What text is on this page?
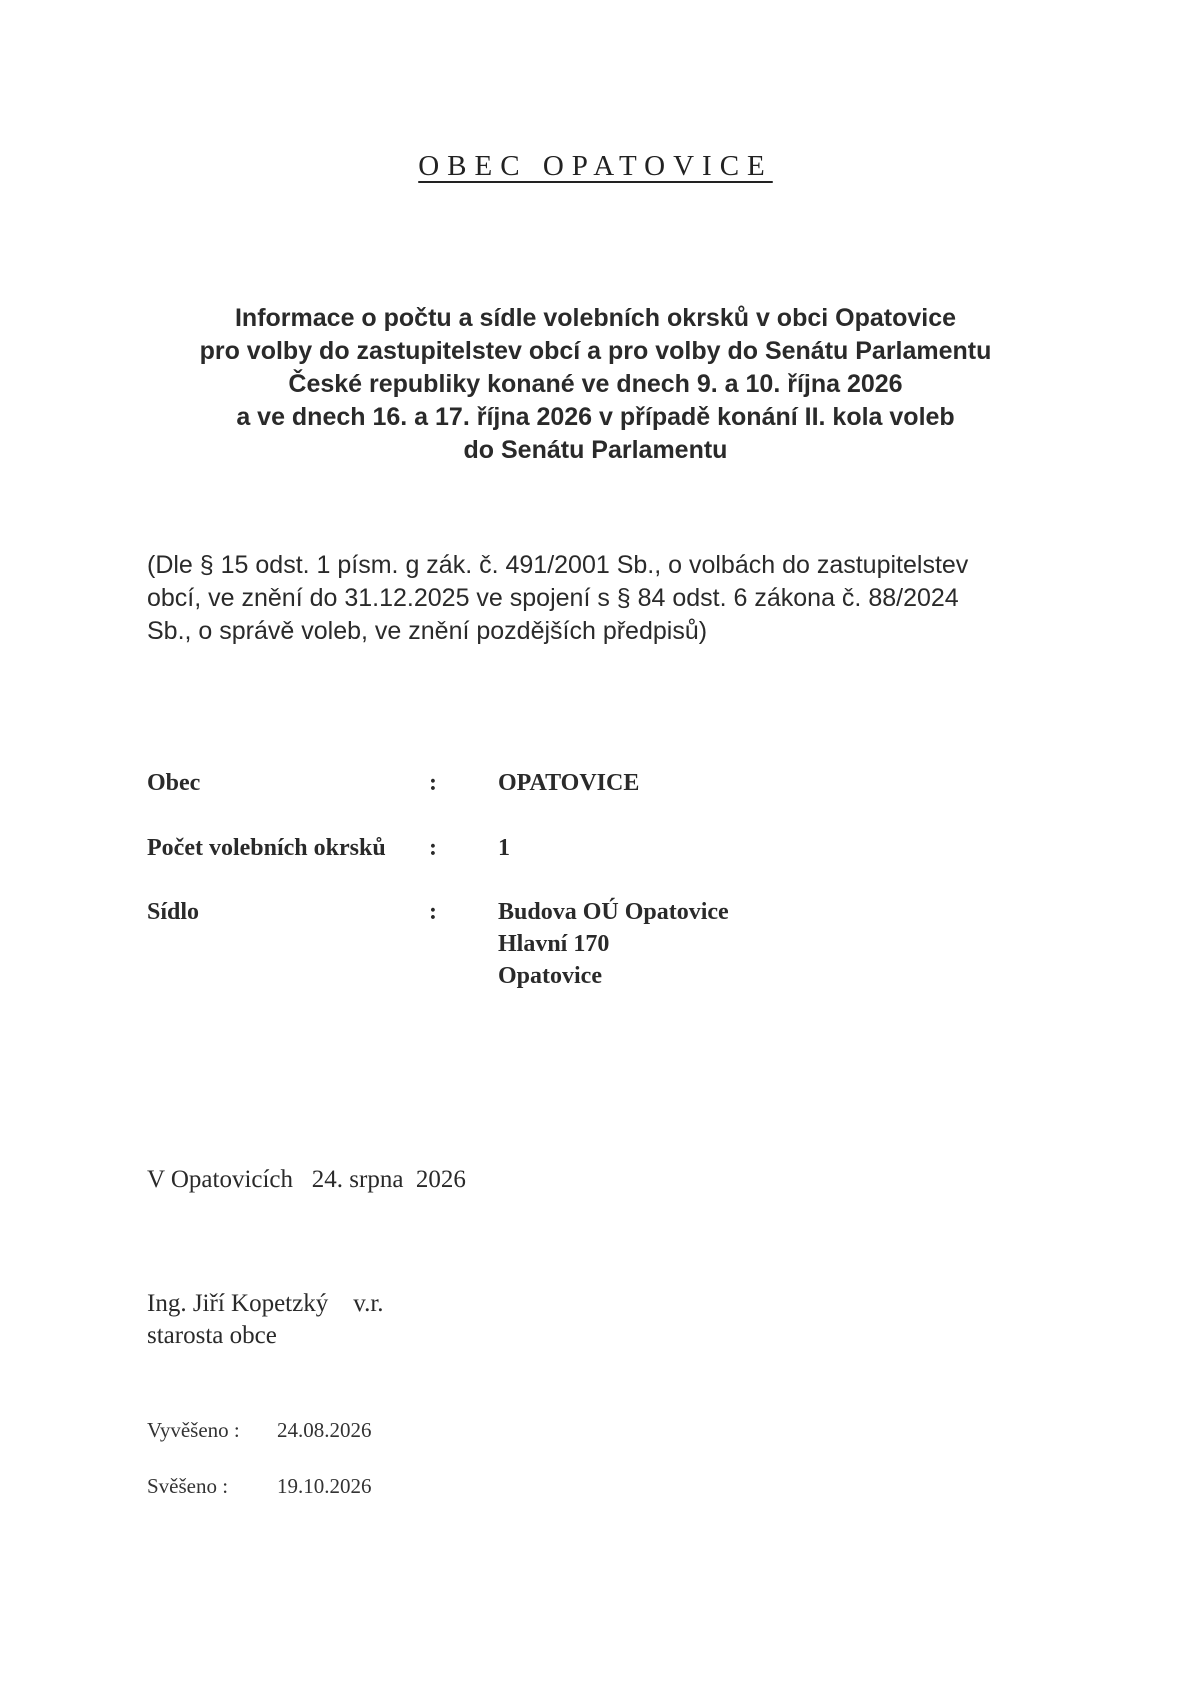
OBEC OPATOVICE
Informace o počtu a sídle volebních okrsků v obci Opatovice
pro volby do zastupitelstev obcí a pro volby do Senátu Parlamentu
České republiky konané ve dnech 9. a 10. října 2026
a ve dnech 16. a 17. října 2026 v případě konání II. kola voleb
do Senátu Parlamentu
(Dle § 15 odst. 1 písm. g zák. č. 491/2001 Sb., o volbách do zastupitelstev
obcí, ve znění do 31.12.2025 ve spojení s § 84 odst. 6 zákona č. 88/2024
Sb., o správě voleb, ve znění pozdějších předpisů)
Obec	:	OPATOVICE
Počet volebních okrsků :	1
Sídlo	:	Budova OÚ Opatovice
Hlavní 170
Opatovice
V Opatovicích   24. srpna  2026
Ing. Jiří Kopetzký    v.r.
starosta obce
Vyvěšeno : 24.08.2026
Svěšeno : 19.10.2026
